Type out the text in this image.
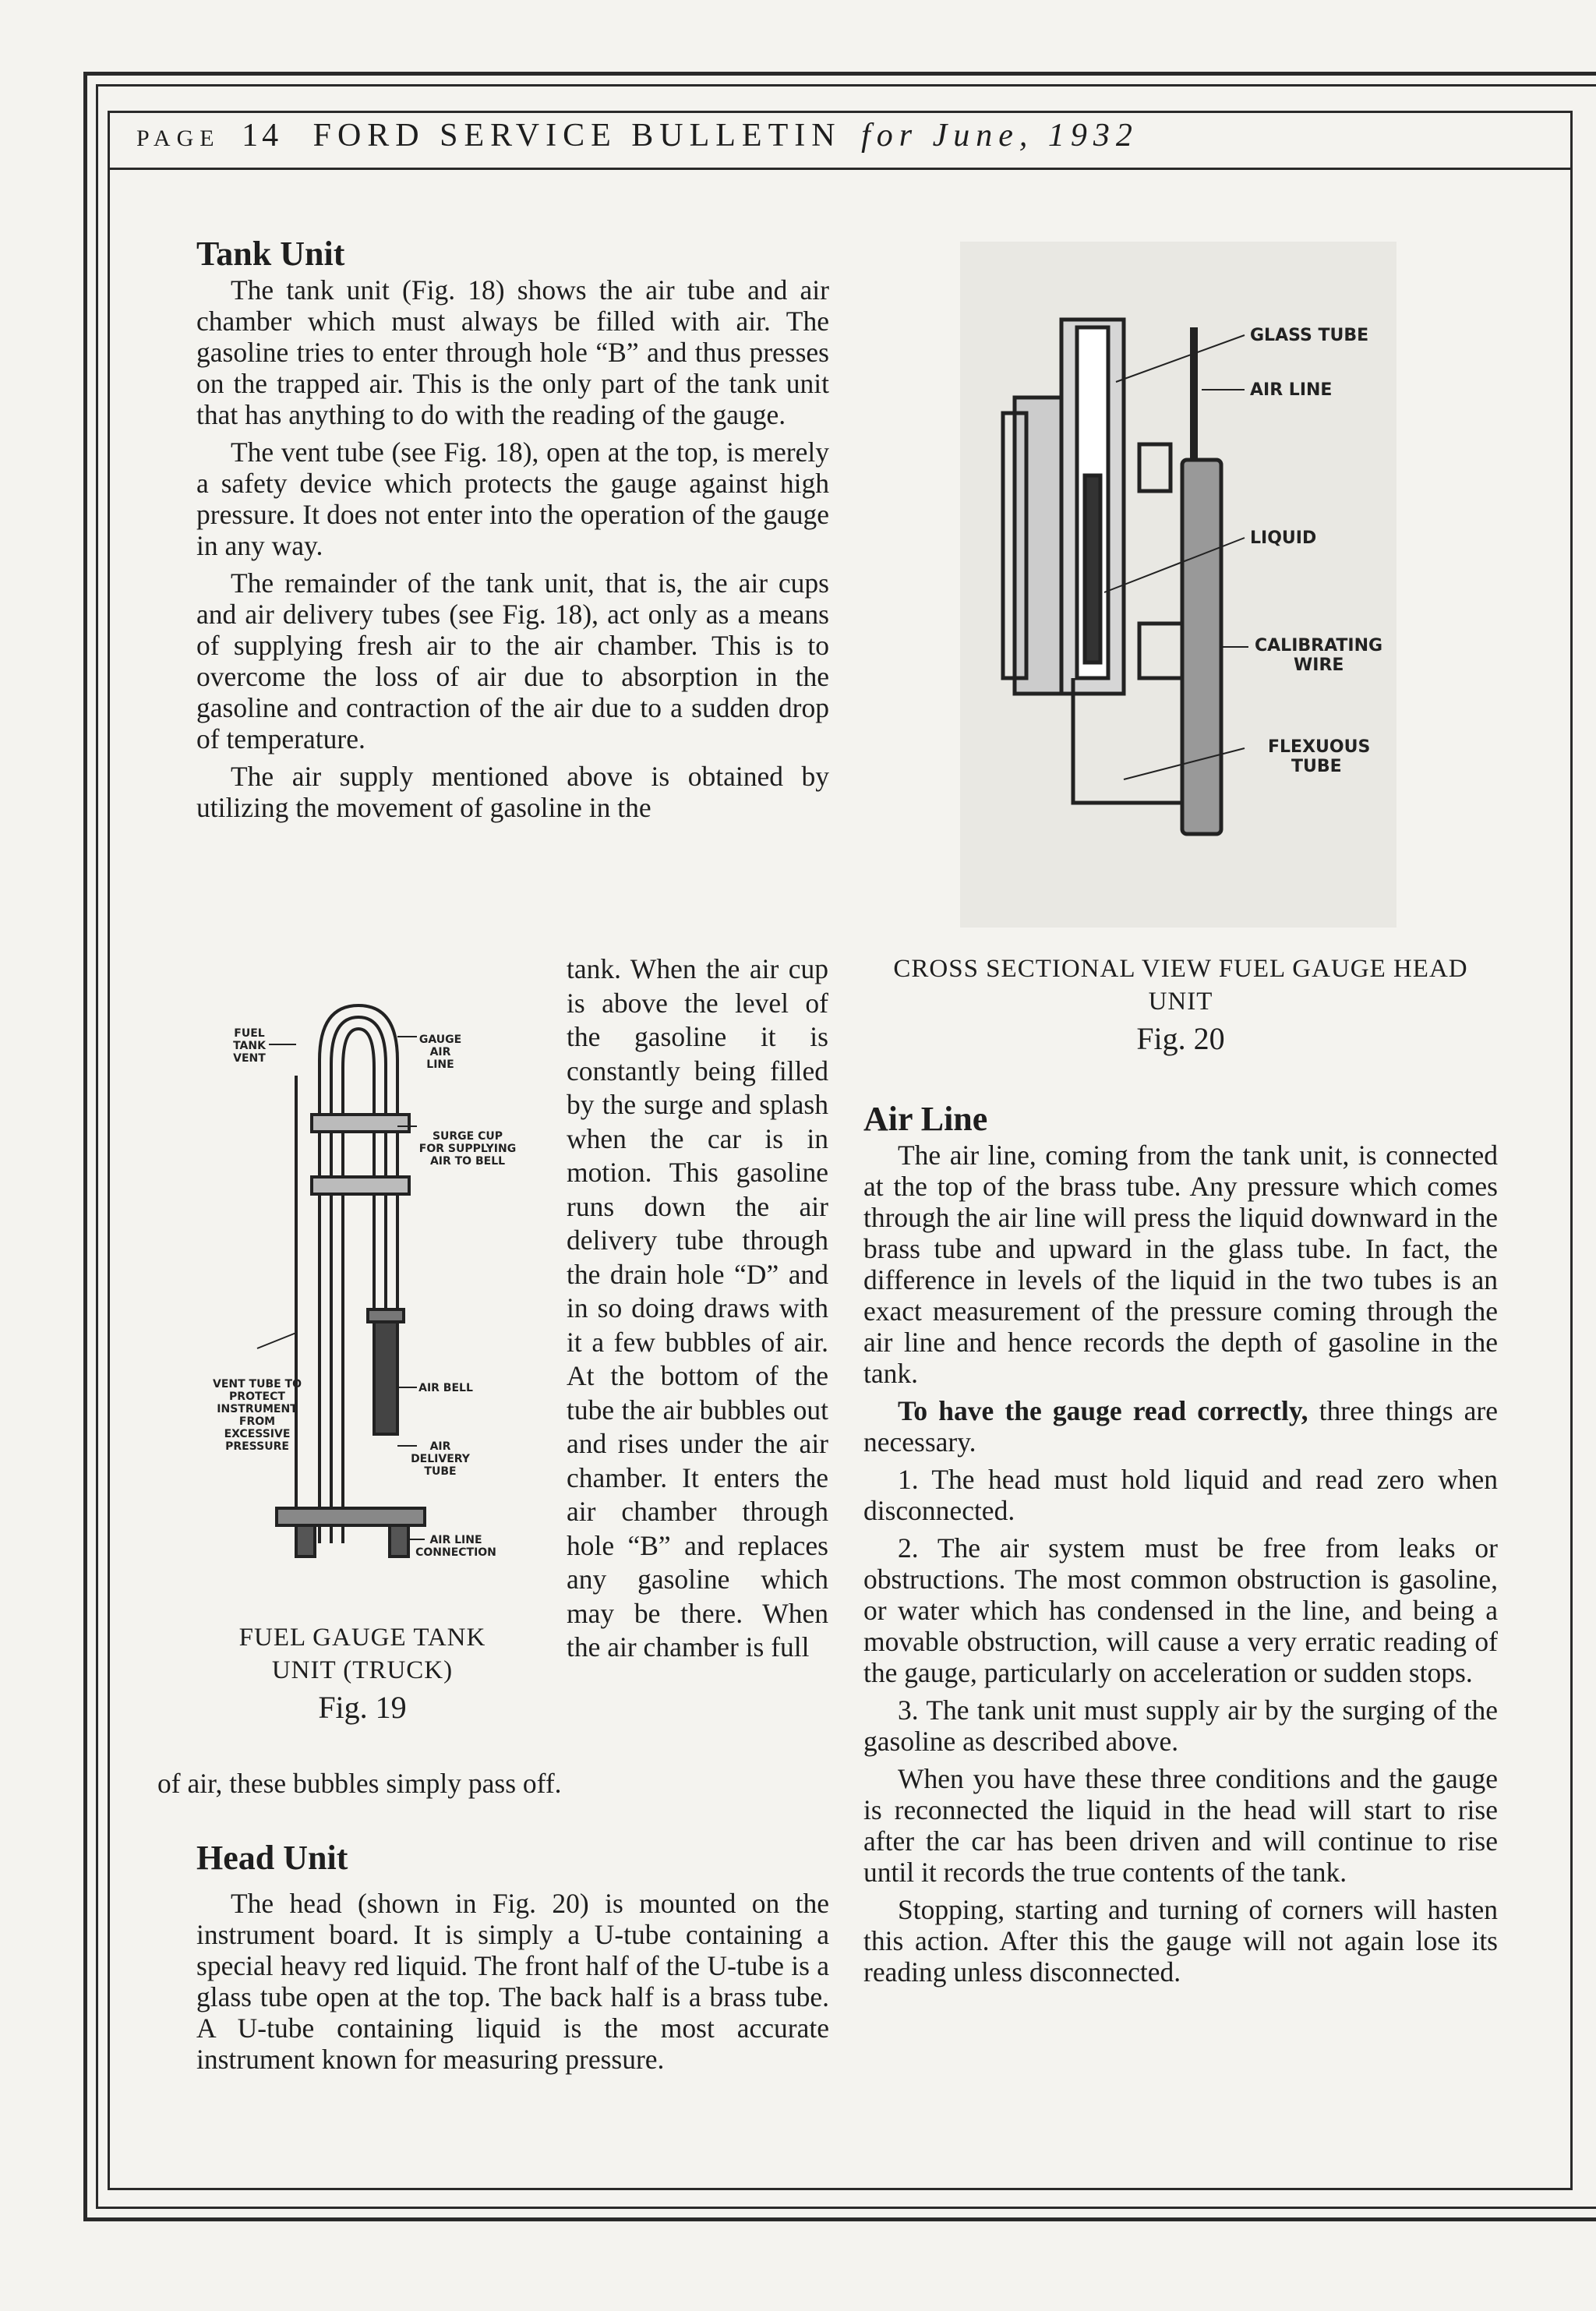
PAGE 14 FORD SERVICE BULLETIN for June, 1932
Tank Unit

The tank unit (Fig. 18) shows the air tube and air chamber which must always be filled with air. The gasoline tries to enter through hole “B” and thus presses on the trapped air. This is the only part of the tank unit that has anything to do with the reading of the gauge.

The vent tube (see Fig. 18), open at the top, is merely a safety device which protects the gauge against high pressure. It does not enter into the operation of the gauge in any way.

The remainder of the tank unit, that is, the air cups and air delivery tubes (see Fig. 18), act only as a means of supplying fresh air to the air chamber. This is to overcome the loss of air due to absorption in the gasoline and contraction of the air due to a sudden drop of temperature.

The air supply mentioned above is obtained by utilizing the movement of gasoline in the

tank. When the air cup is above the level of the gasoline it is constantly being filled by the surge and splash when the car is in motion. This gasoline runs down the air delivery tube through the drain hole “D” and in so doing draws with it a few bubbles of air. At the bottom of the tube the air bubbles out and rises under the air chamber. It enters the air chamber through hole “B” and replaces any gasoline which may be there. When the air chamber is full
of air, these bubbles simply pass off.
FUEL
TANK
VENT
GAUGE
AIR
LINE
SURGE CUP
FOR SUPPLYING
AIR TO BELL
VENT TUBE TO
PROTECT
INSTRUMENT
FROM
EXCESSIVE
PRESSURE
AIR BELL
AIR
DELIVERY
TUBE
AIR LINE
CONNECTION
FUEL GAUGE TANK
UNIT (TRUCK)
Fig. 19
Head Unit

The head (shown in Fig. 20) is mounted on the instrument board. It is simply a U-tube containing a special heavy red liquid. The front half of the U-tube is a glass tube open at the top. The back half is a brass tube. A U-tube containing liquid is the most accurate instrument known for measuring pressure.

GLASS TUBE
AIR LINE
LIQUID
CALIBRATING
WIRE
FLEXUOUS
TUBE
CROSS SECTIONAL VIEW FUEL GAUGE HEAD
UNIT
Fig. 20
Air Line

The air line, coming from the tank unit, is connected at the top of the brass tube. Any pressure which comes through the air line will press the liquid downward in the brass tube and upward in the glass tube. In fact, the difference in levels of the liquid in the two tubes is an exact measurement of the pressure coming through the air line and hence records the depth of gasoline in the tank.

To have the gauge read correctly, three things are necessary.

1. The head must hold liquid and read zero when disconnected.

2. The air system must be free from leaks or obstructions. The most common obstruction is gasoline, or water which has condensed in the line, and being a movable obstruction, will cause a very erratic reading of the gauge, particularly on acceleration or sudden stops.

3. The tank unit must supply air by the surging of the gasoline as described above.

When you have these three conditions and the gauge is reconnected the liquid in the head will start to rise after the car has been driven and will continue to rise until it records the true contents of the tank.

Stopping, starting and turning of corners will hasten this action. After this the gauge will not again lose its reading unless disconnected.
